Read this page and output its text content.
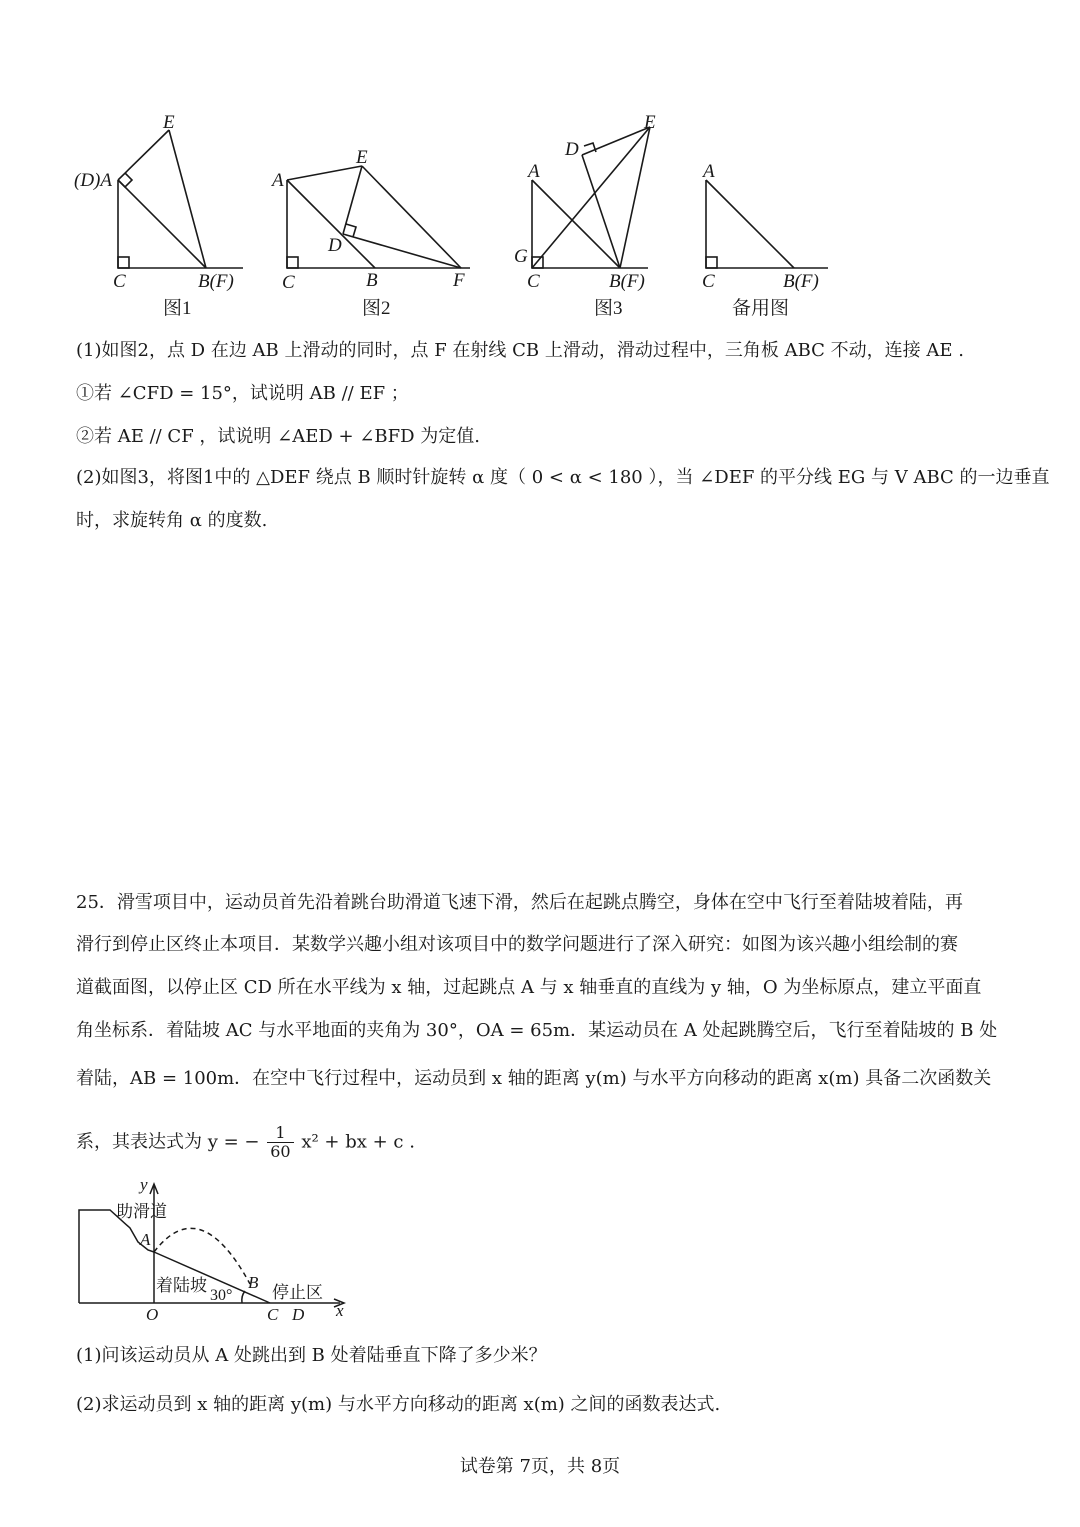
E
(D)A
C	B(F)
图1
A
E
D
C	B	F
图2
E
D
A
G
C	B(F)
图3
A
C	B(F)
备用图
(1)如图2，点 D 在边 AB 上滑动的同时，点 F 在射线 CB 上滑动，滑动过程中，三角板 ABC 不动，连接 AE .
①若 ∠CFD = 15°，试说明 AB // EF ；
②若 AE // CF ，试说明 ∠AED + ∠BFD 为定值.
(2)如图3，将图1中的 △DEF 绕点 B 顺时针旋转 α 度（ 0 < α < 180 ），当 ∠DEF 的平分线 EG 与 V ABC 的一边垂直
时，求旋转角 α 的度数.
25．滑雪项目中，运动员首先沿着跳台助滑道飞速下滑，然后在起跳点腾空，身体在空中飞行至着陆坡着陆，再
滑行到停止区终止本项目．某数学兴趣小组对该项目中的数学问题进行了深入研究：如图为该兴趣小组绘制的赛
道截面图，以停止区 CD 所在水平线为 x 轴，过起跳点 A 与 x 轴垂直的直线为 y 轴，O 为坐标原点，建立平面直
角坐标系．着陆坡 AC 与水平地面的夹角为 30°，OA = 65m．某运动员在 A 处起跳腾空后，飞行至着陆坡的 B 处
着陆，AB = 100m．在空中飞行过程中，运动员到 x 轴的距离 y(m) 与水平方向移动的距离 x(m) 具备二次函数关
系，其表达式为 y = − $\frac{1}{60} x^2$ + bx + c .
y
助滑道
A
着陆坡 B
30° 停止区
O	C D x
(1)问该运动员从 A 处跳出到 B 处着陆垂直下降了多少米？
(2)求运动员到 x 轴的距离 y(m) 与水平方向移动的距离 x(m) 之间的函数表达式.
试卷第 7页，共 8页
